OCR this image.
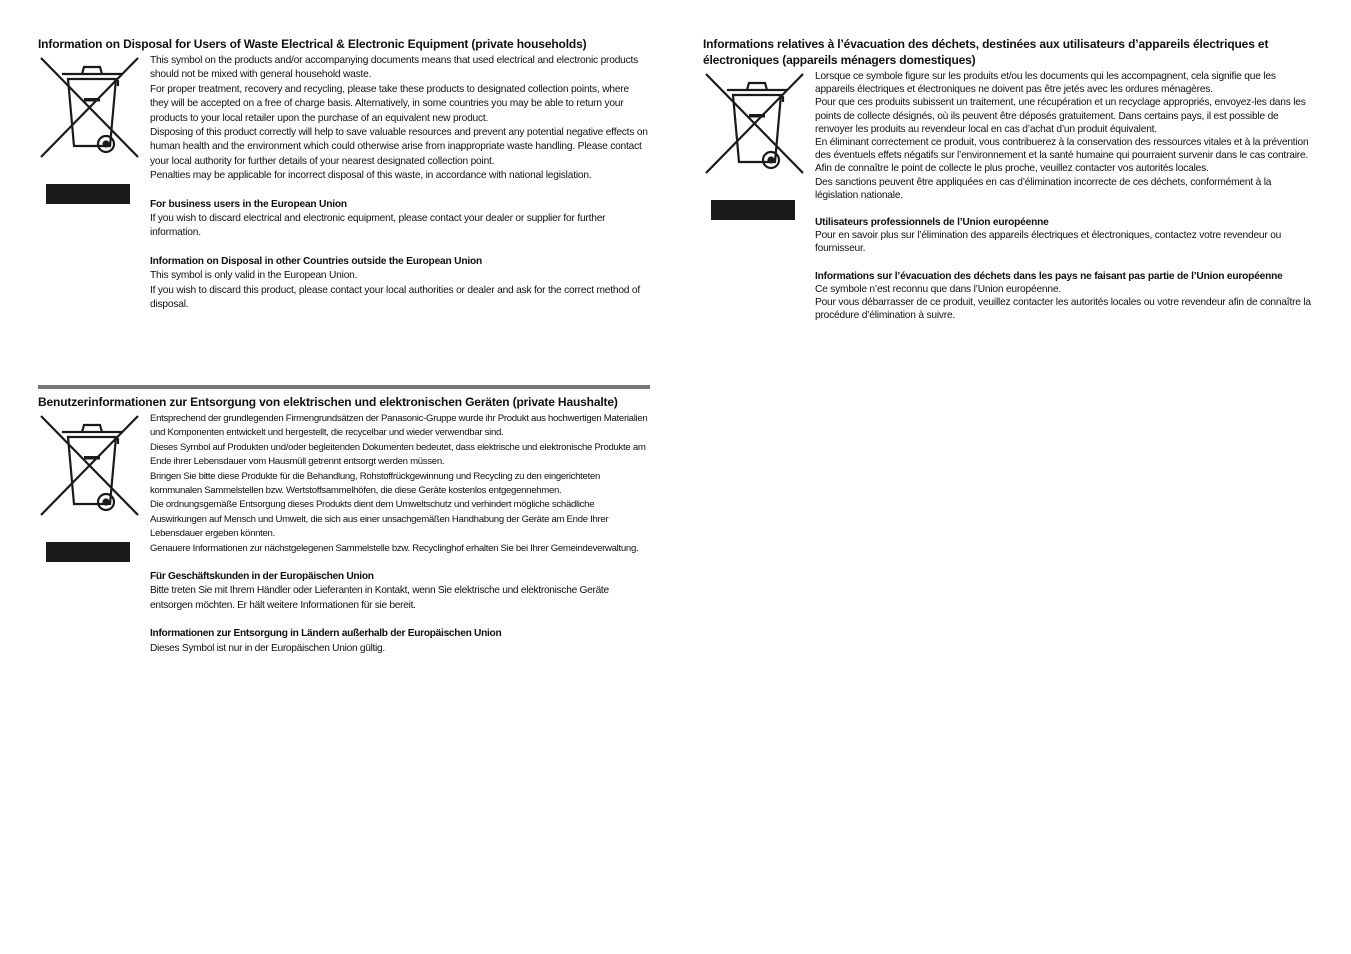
Information on Disposal for Users of Waste Electrical & Electronic Equipment (private households)

This symbol on the products and/or accompanying documents means that used electrical and electronic products should not be mixed with general household waste.

For proper treatment, recovery and recycling, please take these products to designated collection points, where they will be accepted on a free of charge basis. Alternatively, in some countries you may be able to return your products to your local retailer upon the purchase of an equivalent new product.

Disposing of this product correctly will help to save valuable resources and prevent any potential negative effects on human health and the environment which could otherwise arise from inappropriate waste handling. Please contact your local authority for further details of your nearest designated collection point.

Penalties may be applicable for incorrect disposal of this waste, in accordance with national legislation.

For business users in the European Union

If you wish to discard electrical and electronic equipment, please contact your dealer or supplier for further information.

Information on Disposal in other Countries outside the European Union

This symbol is only valid in the European Union.

If you wish to discard this product, please contact your local authorities or dealer and ask for the correct method of disposal.

Benutzerinformationen zur Entsorgung von elektrischen und elektronischen Geräten (private Haushalte)

Entsprechend der grundlegenden Firmengrundsätzen der Panasonic-Gruppe wurde ihr Produkt aus hochwertigen Materialien und Komponenten entwickelt und hergestellt, die recycelbar und wieder verwendbar sind.

Dieses Symbol auf Produkten und/oder begleitenden Dokumenten bedeutet, dass elektrische und elektronische Produkte am Ende ihrer Lebensdauer vom Hausmüll getrennt entsorgt werden müssen.

Bringen Sie bitte diese Produkte für die Behandlung, Rohstoffrückgewinnung und Recycling zu den eingerichteten kommunalen Sammelstellen bzw. Wertstoffsammelhöfen, die diese Geräte kostenlos entgegennehmen.

Die ordnungsgemäße Entsorgung dieses Produkts dient dem Umweltschutz und verhindert mögliche schädliche Auswirkungen auf Mensch und Umwelt, die sich aus einer unsachgemäßen Handhabung der Geräte am Ende Ihrer Lebensdauer ergeben könnten.

Genauere Informationen zur nächstgelegenen Sammelstelle bzw. Recyclinghof erhalten Sie bei Ihrer Gemeindeverwaltung.

Für Geschäftskunden in der Europäischen Union

Bitte treten Sie mit Ihrem Händler oder Lieferanten in Kontakt, wenn Sie elektrische und elektronische Geräte entsorgen möchten. Er hält weitere Informationen für sie bereit.

Informationen zur Entsorgung in Ländern außerhalb der Europäischen Union

Dieses Symbol ist nur in der Europäischen Union gültig.

Informations relatives à l’évacuation des déchets, destinées aux utilisateurs d’appareils électriques et électroniques (appareils ménagers domestiques)

Lorsque ce symbole figure sur les produits et/ou les documents qui les accompagnent, cela signifie que les appareils électriques et électroniques ne doivent pas être jetés avec les ordures ménagères.

Pour que ces produits subissent un traitement, une récupération et un recyclage appropriés, envoyez-les dans les points de collecte désignés, où ils peuvent être déposés gratuitement. Dans certains pays, il est possible de renvoyer les produits au revendeur local en cas d’achat d’un produit équivalent.

En éliminant correctement ce produit, vous contribuerez à la conservation des ressources vitales et à la prévention des éventuels effets négatifs sur l’environnement et la santé humaine qui pourraient survenir dans le cas contraire. Afin de connaître le point de collecte le plus proche, veuillez contacter vos autorités locales.

Des sanctions peuvent être appliquées en cas d’élimination incorrecte de ces déchets, conformément à la législation nationale.

Utilisateurs professionnels de l’Union européenne

Pour en savoir plus sur l’élimination des appareils électriques et électroniques, contactez votre revendeur ou fournisseur.

Informations sur l’évacuation des déchets dans les pays ne faisant pas partie de l’Union européenne

Ce symbole n’est reconnu que dans l’Union européenne.

Pour vous débarrasser de ce produit, veuillez contacter les autorités locales ou votre revendeur afin de connaître la procédure d’élimination à suivre.
